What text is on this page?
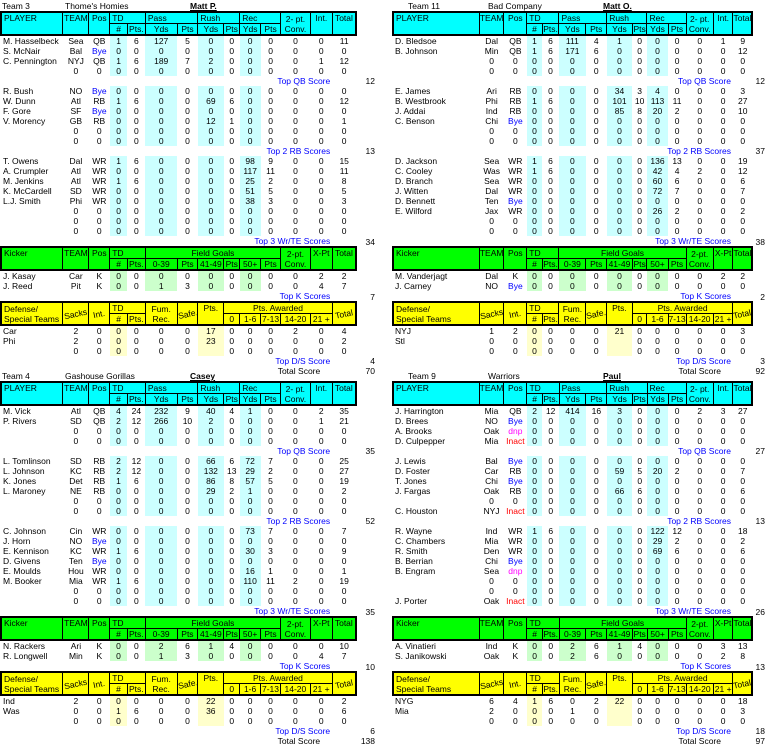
Team 3	Thome's Homies	Matt P.
PLAYER	TEAM	Pos	TD		Pass		Rush		Rec		2- pt.
Conv.	Int.	Total	
			#	Pts.	Yds	Pts	Yds	Pts	Yds	Pts				
M. Hasselbeck	Sea	QB	1	6	127	5	0	0	0	0	0	0	11	
S. McNair	Bal	Bye	0	0	0	0	0	0	0	0	0	0	0	
C. Pennington	NYJ	QB	1	6	189	7	2	0	0	0	0	1	12	
	0	0	0	0	0	0	0	0	0	0	0	0	0	
								Top QB Score						12
R. Bush	NO	Bye	0	0	0	0	0	0	0	0	0	0	0	
W. Dunn	Atl	RB	1	6	0	0	69	6	0	0	0	0	12	
F. Gore	SF	Bye	0	0	0	0	0	0	0	0	0	0	0	
V. Morency	GB	RB	0	0	0	0	12	1	0	0	0	0	1	
	0	0	0	0	0	0	0	0	0	0	0	0	0	
	0	0	0	0	0	0	0	0	0	0	0	0	0	
								Top 2 RB Scores						13
T. Owens	Dal	WR	1	6	0	0	0	0	98	9	0	0	15	
A. Crumpler	Atl	WR	0	0	0	0	0	0	117	11	0	0	11	
M. Jenkins	Atl	WR	1	6	0	0	0	0	25	2	0	0	8	
K. McCardell	SD	WR	0	0	0	0	0	0	51	5	0	0	5	
L.J. Smith	Phi	WR	0	0	0	0	0	0	38	3	0	0	3	
	0	0	0	0	0	0	0	0	0	0	0	0	0	
	0	0	0	0	0	0	0	0	0	0	0	0	0	
	0	0	0	0	0	0	0	0	0	0	0	0	0	
								Top 3 Wr/TE Scores						34
Kicker	TEAM	Pos	TD		Field Goals						2-pt.
Conv.	X-Pt	Total	
			#	Pts.	0-39	Pts	41-49	Pts	50+	Pts				
J. Kasay	Car	K	0	0	0	0	0	0	0	0	0	2	2	
J. Reed	Pit	K	0	0	1	3	0	0	0	0	0	4	7	
								Top K Scores						7

Defense/
Special Teams	Sacks	Int.	TD	Fum.
Rec.	Safe.	Pts.	Pts. Awarded	Total	
			#	Pts.				0	1-6	7-13	14-20	21 +		
Car	2	0	0	0	0	0	17	0	0	0	2	0	4	
Phi	2	0	0	0	0	0	23	0	0	0	0	0	2	
	0	0	0	0	0	0		0	0	0	0	0	0	
								Top D/S Score						4
								Total Score						70
Team 11	Bad Company	Matt O.
PLAYER	TEAM	Pos	TD		Pass		Rush		Rec		2- pt.
Conv.	Int.	Total	
			#	Pts.	Yds	Pts	Yds	Pts	Yds	Pts				
D. Bledsoe	Dal	QB	1	6	111	4	1	0	0	0	0	1	9	
B. Johnson	Min	QB	1	6	171	6	0	0	0	0	0	0	12	
	0	0	0	0	0	0	0	0	0	0	0	0	0	
	0	0	0	0	0	0	0	0	0	0	0	0	0	
								Top QB Score						12
E. James	Ari	RB	0	0	0	0	34	3	4	0	0	0	3	
B. Westbrook	Phi	RB	1	6	0	0	101	10	113	11	0	0	27	
J. Addai	Ind	RB	0	0	0	0	85	8	20	2	0	0	10	
C. Benson	Chi	Bye	0	0	0	0	0	0	0	0	0	0	0	
	0	0	0	0	0	0	0	0	0	0	0	0	0	
	0	0	0	0	0	0	0	0	0	0	0	0	0	
								Top 2 RB Scores						37
D. Jackson	Sea	WR	1	6	0	0	0	0	136	13	0	0	19	
C. Cooley	Was	WR	1	6	0	0	0	0	42	4	2	0	12	
D. Branch	Sea	WR	0	0	0	0	0	0	60	6	0	0	6	
J. Witten	Dal	WR	0	0	0	0	0	0	72	7	0	0	7	
D. Bennett	Ten	Bye	0	0	0	0	0	0	0	0	0	0	0	
E. Wilford	Jax	WR	0	0	0	0	0	0	26	2	0	0	2	
	0	0	0	0	0	0	0	0	0	0	0	0	0	
	0	0	0	0	0	0	0	0	0	0	0	0	0	
								Top 3 Wr/TE Scores						38
Kicker	TEAM	Pos	TD		Field Goals						2-pt.
Conv.	X-Pt	Total	
			#	Pts.	0-39	Pts	41-49	Pts	50+	Pts				
M. Vanderjagt	Dal	K	0	0	0	0	0	0	0	0	0	2	2	
J. Carney	NO	Bye	0	0	0	0	0	0	0	0	0	0	0	
								Top K Scores						2

Defense/
Special Teams	Sacks	Int.	TD	Fum.
Rec.	Safe.	Pts.	Pts. Awarded	Total	
			#	Pts.				0	1-6	7-13	14-20	21 +		
NYJ	1	2	0	0	0	0	21	0	0	0	0	0	3	
Stl	0	0	0	0	0	0		0	0	0	0	0	0	
	0	0	0	0	0	0		0	0	0	0	0	0	
								Top D/S Score						3
								Total Score						92
Team 4	Gashouse Gorillas	Casey
PLAYER	TEAM	Pos	TD		Pass		Rush		Rec		2- pt.
Conv.	Int.	Total	
			#	Pts.	Yds	Pts	Yds	Pts	Yds	Pts				
M. Vick	Atl	QB	4	24	232	9	40	4	1	0	0	2	35	
P. Rivers	SD	QB	2	12	266	10	2	0	0	0	0	1	21	
	0	0	0	0	0	0	0	0	0	0	0	0	0	
	0	0	0	0	0	0	0	0	0	0	0	0	0	
								Top QB Score						35
L. Tomlinson	SD	RB	2	12	0	0	66	6	72	7	0	0	25	
L. Johnson	KC	RB	2	12	0	0	132	13	29	2	0	0	27	
K. Jones	Det	RB	1	6	0	0	86	8	57	5	0	0	19	
L. Maroney	NE	RB	0	0	0	0	29	2	1	0	0	0	2	
	0	0	0	0	0	0	0	0	0	0	0	0	0	
	0	0	0	0	0	0	0	0	0	0	0	0	0	
								Top 2 RB Scores						52
C. Johnson	Cin	WR	0	0	0	0	0	0	73	7	0	0	7	
J. Horn	NO	Bye	0	0	0	0	0	0	0	0	0	0	0	
E. Kennison	KC	WR	1	6	0	0	0	0	30	3	0	0	9	
D. Givens	Ten	Bye	0	0	0	0	0	0	0	0	0	0	0	
E. Moulds	Hou	WR	0	0	0	0	0	0	16	1	0	0	1	
M. Booker	Mia	WR	1	6	0	0	0	0	110	11	2	0	19	
	0	0	0	0	0	0	0	0	0	0	0	0	0	
	0	0	0	0	0	0	0	0	0	0	0	0	0	
								Top 3 Wr/TE Scores						35
Kicker	TEAM	Pos	TD		Field Goals						2-pt.
Conv.	X-Pt	Total	
			#	Pts.	0-39	Pts	41-49	Pts	50+	Pts				
N. Rackers	Ari	K	0	0	2	6	1	4	0	0	0	0	10	
R. Longwell	Min	K	0	0	1	3	0	0	0	0	0	4	7	
								Top K Scores						10

Defense/
Special Teams	Sacks	Int.	TD	Fum.
Rec.	Safe.	Pts.	Pts. Awarded	Total	
			#	Pts.				0	1-6	7-13	14-20	21 +		
Ind	2	0	0	0	0	0	22	0	0	0	0	0	2	
Was	0	0	1	6	0	0	36	0	0	0	0	0	6	
	0	0	0	0	0	0		0	0	0	0	0	0	
								Top D/S Score						6
								Total Score						138
Team 9	Warriors	Paul
PLAYER	TEAM	Pos	TD		Pass		Rush		Rec		2- pt.
Conv.	Int.	Total	
			#	Pts.	Yds	Pts	Yds	Pts	Yds	Pts				
J. Harrington	Mia	QB	2	12	414	16	3	0	0	0	2	3	27	
D. Brees	NO	Bye	0	0	0	0	0	0	0	0	0	0	0	
A. Brooks	Oak	dnp	0	0	0	0	0	0	0	0	0	0	0	
D. Culpepper	Mia	Inact	0	0	0	0	0	0	0	0	0	0	0	
								Top QB Score						27
J. Lewis	Bal	Bye	0	0	0	0	0	0	0	0	0	0	0	
D. Foster	Car	RB	0	0	0	0	59	5	20	2	0	0	7	
T. Jones	Chi	Bye	0	0	0	0	0	0	0	0	0	0	0	
J. Fargas	Oak	RB	0	0	0	0	66	6	0	0	0	0	6	
	0	0	0	0	0	0	0	0	0	0	0	0	0	
C. Houston	NYJ	Inact	0	0	0	0	0	0	0	0	0	0	0	
								Top 2 RB Scores						13
R. Wayne	Ind	WR	1	6	0	0	0	0	122	12	0	0	18	
C. Chambers	Mia	WR	0	0	0	0	0	0	29	2	0	0	2	
R. Smith	Den	WR	0	0	0	0	0	0	69	6	0	0	6	
B. Berrian	Chi	Bye	0	0	0	0	0	0	0	0	0	0	0	
B. Engram	Sea	dnp	0	0	0	0	0	0	0	0	0	0	0	
	0	0	0	0	0	0	0	0	0	0	0	0	0	
	0	0	0	0	0	0	0	0	0	0	0	0	0	
J. Porter	Oak	Inact	0	0	0	0	0	0	0	0	0	0	0	
								Top 3 Wr/TE Scores						26
Kicker	TEAM	Pos	TD		Field Goals						2-pt.
Conv.	X-Pt	Total	
			#	Pts.	0-39	Pts	41-49	Pts	50+	Pts				
A. Vinatieri	Ind	K	0	0	2	6	1	4	0	0	0	3	13	
S. Janikowski	Oak	K	0	0	2	6	0	0	0	0	0	2	8	
								Top K Scores						13

Defense/
Special Teams	Sacks	Int.	TD	Fum.
Rec.	Safe.	Pts.	Pts. Awarded	Total	
			#	Pts.				0	1-6	7-13	14-20	21 +		
NYG	6	4	1	6	0	2	22	0	0	0	0	0	18	
Mia	2	0	0	0	1	0		0	0	0	0	0	3	
	0	0	0	0	0	0		0	0	0	0	0	0	
								Top D/S Score						18
								Total Score						97
